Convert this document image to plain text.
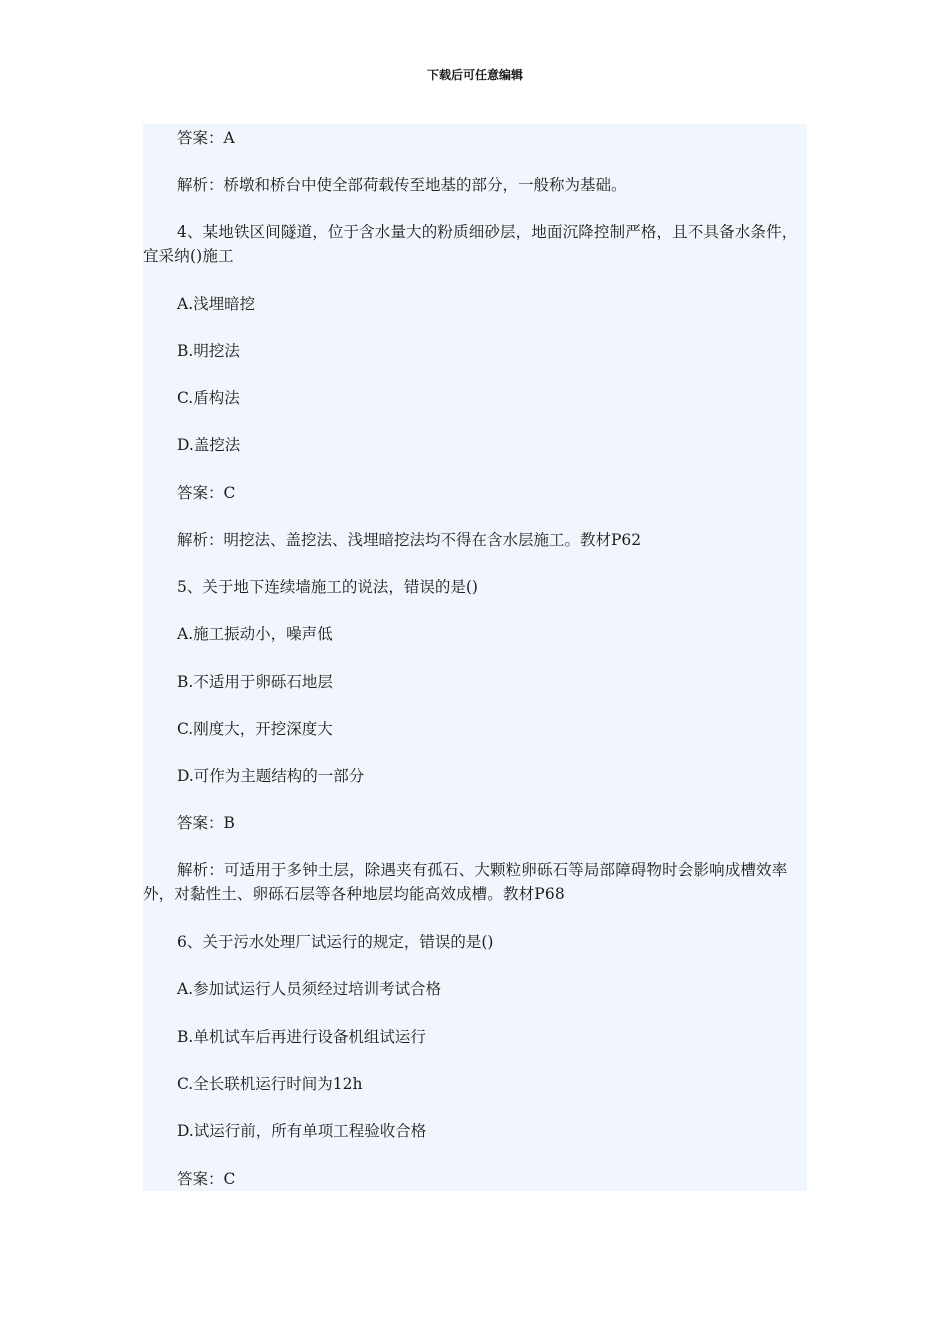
下载后可任意编辑
答案：A
解析：桥墩和桥台中使全部荷载传至地基的部分，一般称为基础。
4、某地铁区间隧道，位于含水量大的粉质细砂层，地面沉降控制严格，且不具备水条件，宜采纳()施工
A.浅埋暗挖
B.明挖法
C.盾构法
D.盖挖法
答案：C
解析：明挖法、盖挖法、浅埋暗挖法均不得在含水层施工。教材P62
5、关于地下连续墙施工的说法，错误的是()
A.施工振动小，噪声低
B.不适用于卵砾石地层
C.刚度大，开挖深度大
D.可作为主题结构的一部分
答案：B
解析：可适用于多钟土层，除遇夹有孤石、大颗粒卵砾石等局部障碍物时会影响成槽效率外，对黏性土、卵砾石层等各种地层均能高效成槽。教材P68
6、关于污水处理厂试运行的规定，错误的是()
A.参加试运行人员须经过培训考试合格
B.单机试车后再进行设备机组试运行
C.全长联机运行时间为12h
D.试运行前，所有单项工程验收合格
答案：C
